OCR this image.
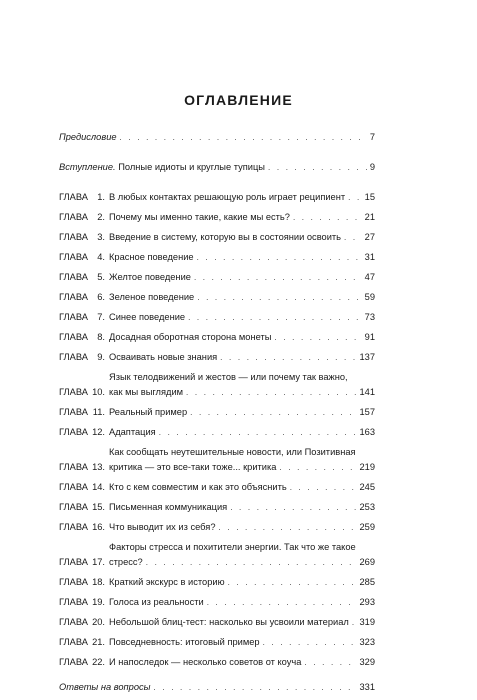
ОГЛАВЛЕНИЕ
Предисловие . . .	7
Вступление. Полные идиоты и круглые тупицы . . .	9
ГЛАВА	1. В любых контактах решающую роль играет реципиент . . . 15
ГЛАВА	2. Почему мы именно такие, какие мы есть? . . .	21
ГЛАВА	3. Введение в систему, которую вы в состоянии освоить . . .	27
ГЛАВА	4. Красное поведение . . .	31
ГЛАВА	5. Желтое поведение . . .	47
ГЛАВА	6. Зеленое поведение . . .	59
ГЛАВА	7. Синее поведение . . .	73
ГЛАВА	8. Досадная оборотная сторона монеты . . .	91
ГЛАВА	9. Осваивать новые знания . . .	137
ГЛАВА 10.
Язык телодвижений и жестов — или почему так важно,
как мы выглядим . . .	141
ГЛАВА 11. Реальный пример . . .	157
ГЛАВА 12. Адаптация . . .	163
ГЛАВА 13.
Как сообщать неутешительные новости, или Позитивная
критика — это все-таки тоже... критика . . .	219
ГЛАВА 14. Кто с кем совместим и как это объяснить . . .	245
ГЛАВА 15. Письменная коммуникация . . .	253
ГЛАВА 16. Что выводит их из себя? . . .	259
ГЛАВА 17.
Факторы стресса и похитители энергии. Так что же такое
стресс? . . .	269
ГЛАВА 18. Краткий экскурс в историю . . .	285
ГЛАВА 19. Голоса из реальности . . .	293
ГЛАВА 20. Небольшой блиц-тест: насколько вы усвоили материал . . . 319
ГЛАВА 21. Повседневность: итоговый пример . . .	323
ГЛАВА 22. И напоследок — несколько советов от коуча . . .	329
Ответы на вопросы . . .	331
